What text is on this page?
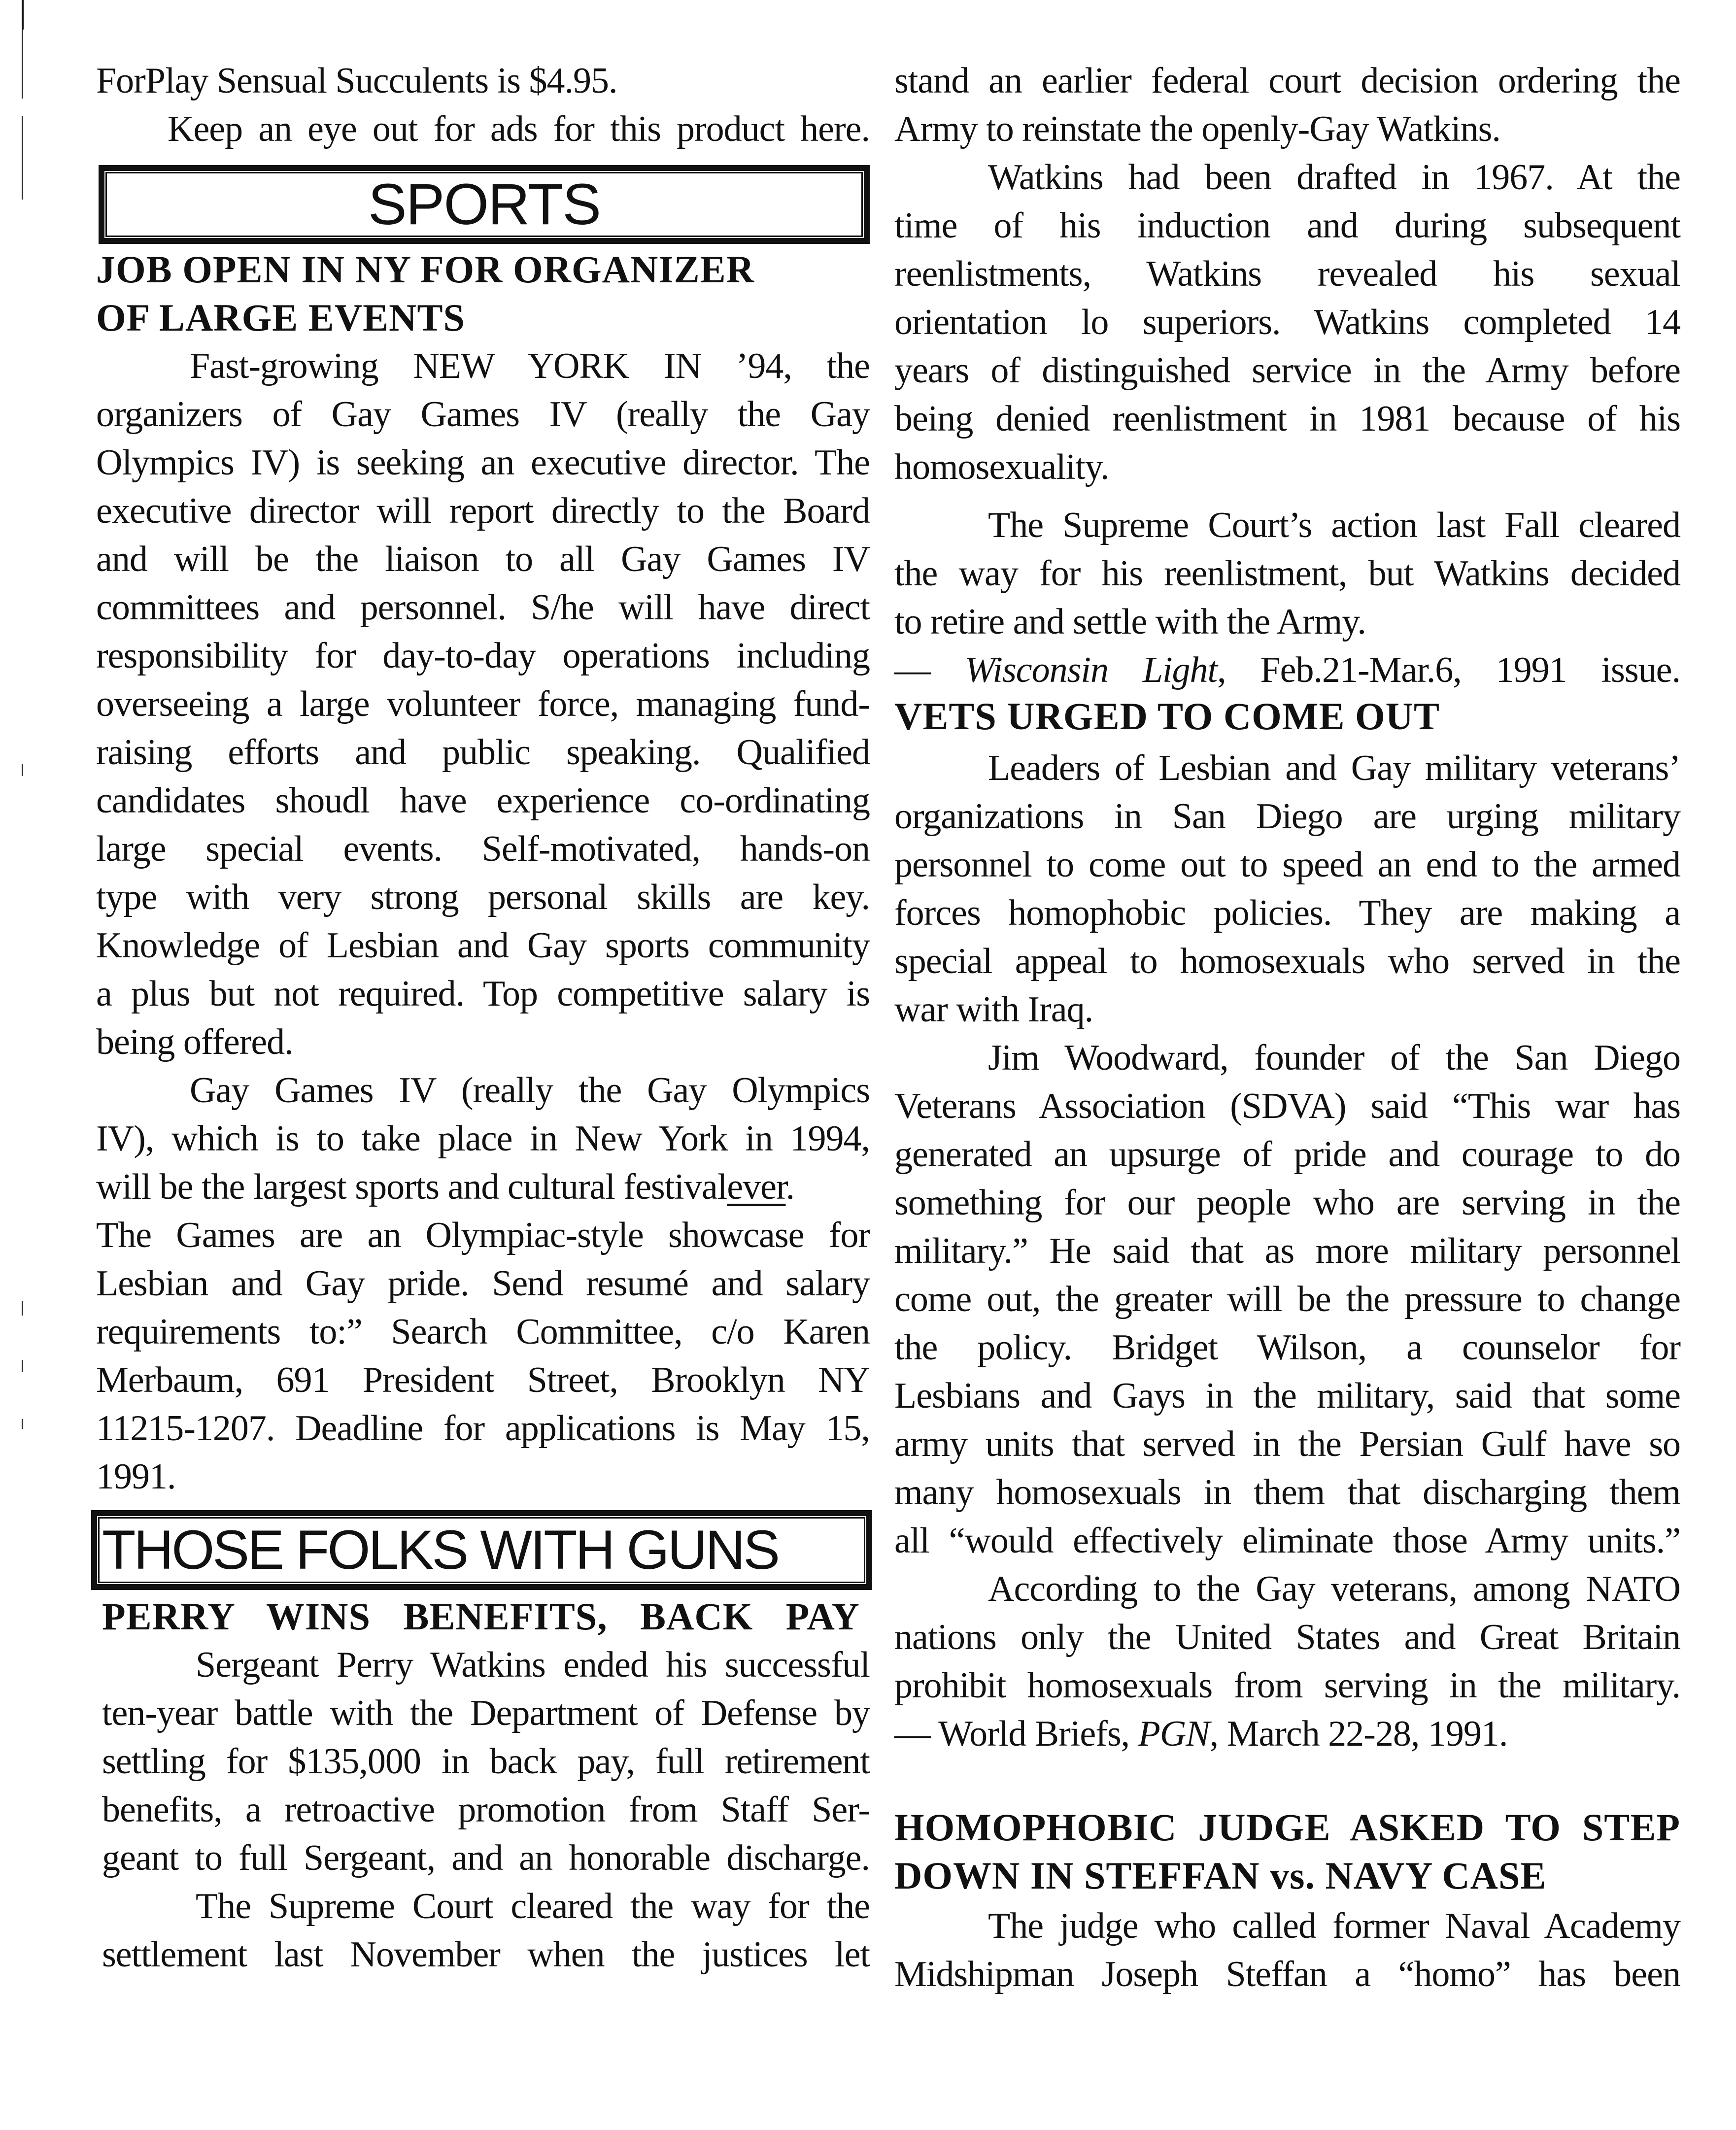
ForPlay Sensual Succulents is $4.95.
Keep an eye out for ads for this product here.
SPORTS
JOB OPEN IN NY FOR ORGANIZER
OF LARGE EVENTS
Fast-growing NEW YORK IN ’94, the
organizers of Gay Games IV (really the Gay
Olympics IV) is seeking an executive director. The
executive director will report directly to the Board
and will be the liaison to all Gay Games IV
committees and personnel. S/he will have direct
responsibility for day-to-day operations including
overseeing a large volunteer force, managing fund-
raising efforts and public speaking. Qualified
candidates shoudl have experience co-ordinating
large special events. Self-motivated, hands-on
type with very strong personal skills are key.
Knowledge of Lesbian and Gay sports community
a plus but not required. Top competitive salary is
being offered.
Gay Games IV (really the Gay Olympics
IV), which is to take place in New York in 1994,
will be the largest sports and cultural festivalever.
The Games are an Olympiac-style showcase for
Lesbian and Gay pride. Send resumé and salary
requirements to:” Search Committee, c/o Karen
Merbaum, 691 President Street, Brooklyn NY
11215-1207. Deadline for applications is May 15,
1991.
THOSE FOLKS WITH GUNS
PERRY WINS BENEFITS, BACK PAY
Sergeant Perry Watkins ended his successful
ten-year battle with the Department of Defense by
settling for $135,000 in back pay, full retirement
benefits, a retroactive promotion from Staff Ser-
geant to full Sergeant, and an honorable discharge.
The Supreme Court cleared the way for the
settlement last November when the justices let
stand an earlier federal court decision ordering the
Army to reinstate the openly-Gay Watkins.
Watkins had been drafted in 1967. At the
time of his induction and during subsequent
reenlistments, Watkins revealed his sexual
orientation lo superiors. Watkins completed 14
years of distinguished service in the Army before
being denied reenlistment in 1981 because of his
homosexuality.
The Supreme Court’s action last Fall cleared
the way for his reenlistment, but Watkins decided
to retire and settle with the Army.
— Wisconsin Light, Feb.21-Mar.6, 1991 issue.
VETS URGED TO COME OUT
Leaders of Lesbian and Gay military veterans’
organizations in San Diego are urging military
personnel to come out to speed an end to the armed
forces homophobic policies. They are making a
special appeal to homosexuals who served in the
war with Iraq.
Jim Woodward, founder of the San Diego
Veterans Association (SDVA) said “This war has
generated an upsurge of pride and courage to do
something for our people who are serving in the
military.” He said that as more military personnel
come out, the greater will be the pressure to change
the policy. Bridget Wilson, a counselor for
Lesbians and Gays in the military, said that some
army units that served in the Persian Gulf have so
many homosexuals in them that discharging them
all “would effectively eliminate those Army units.”
According to the Gay veterans, among NATO
nations only the United States and Great Britain
prohibit homosexuals from serving in the military.
— World Briefs, PGN, March 22-28, 1991.
HOMOPHOBIC JUDGE ASKED TO STEP
DOWN IN STEFFAN vs. NAVY CASE
The judge who called former Naval Academy
Midshipman Joseph Steffan a “homo” has been
